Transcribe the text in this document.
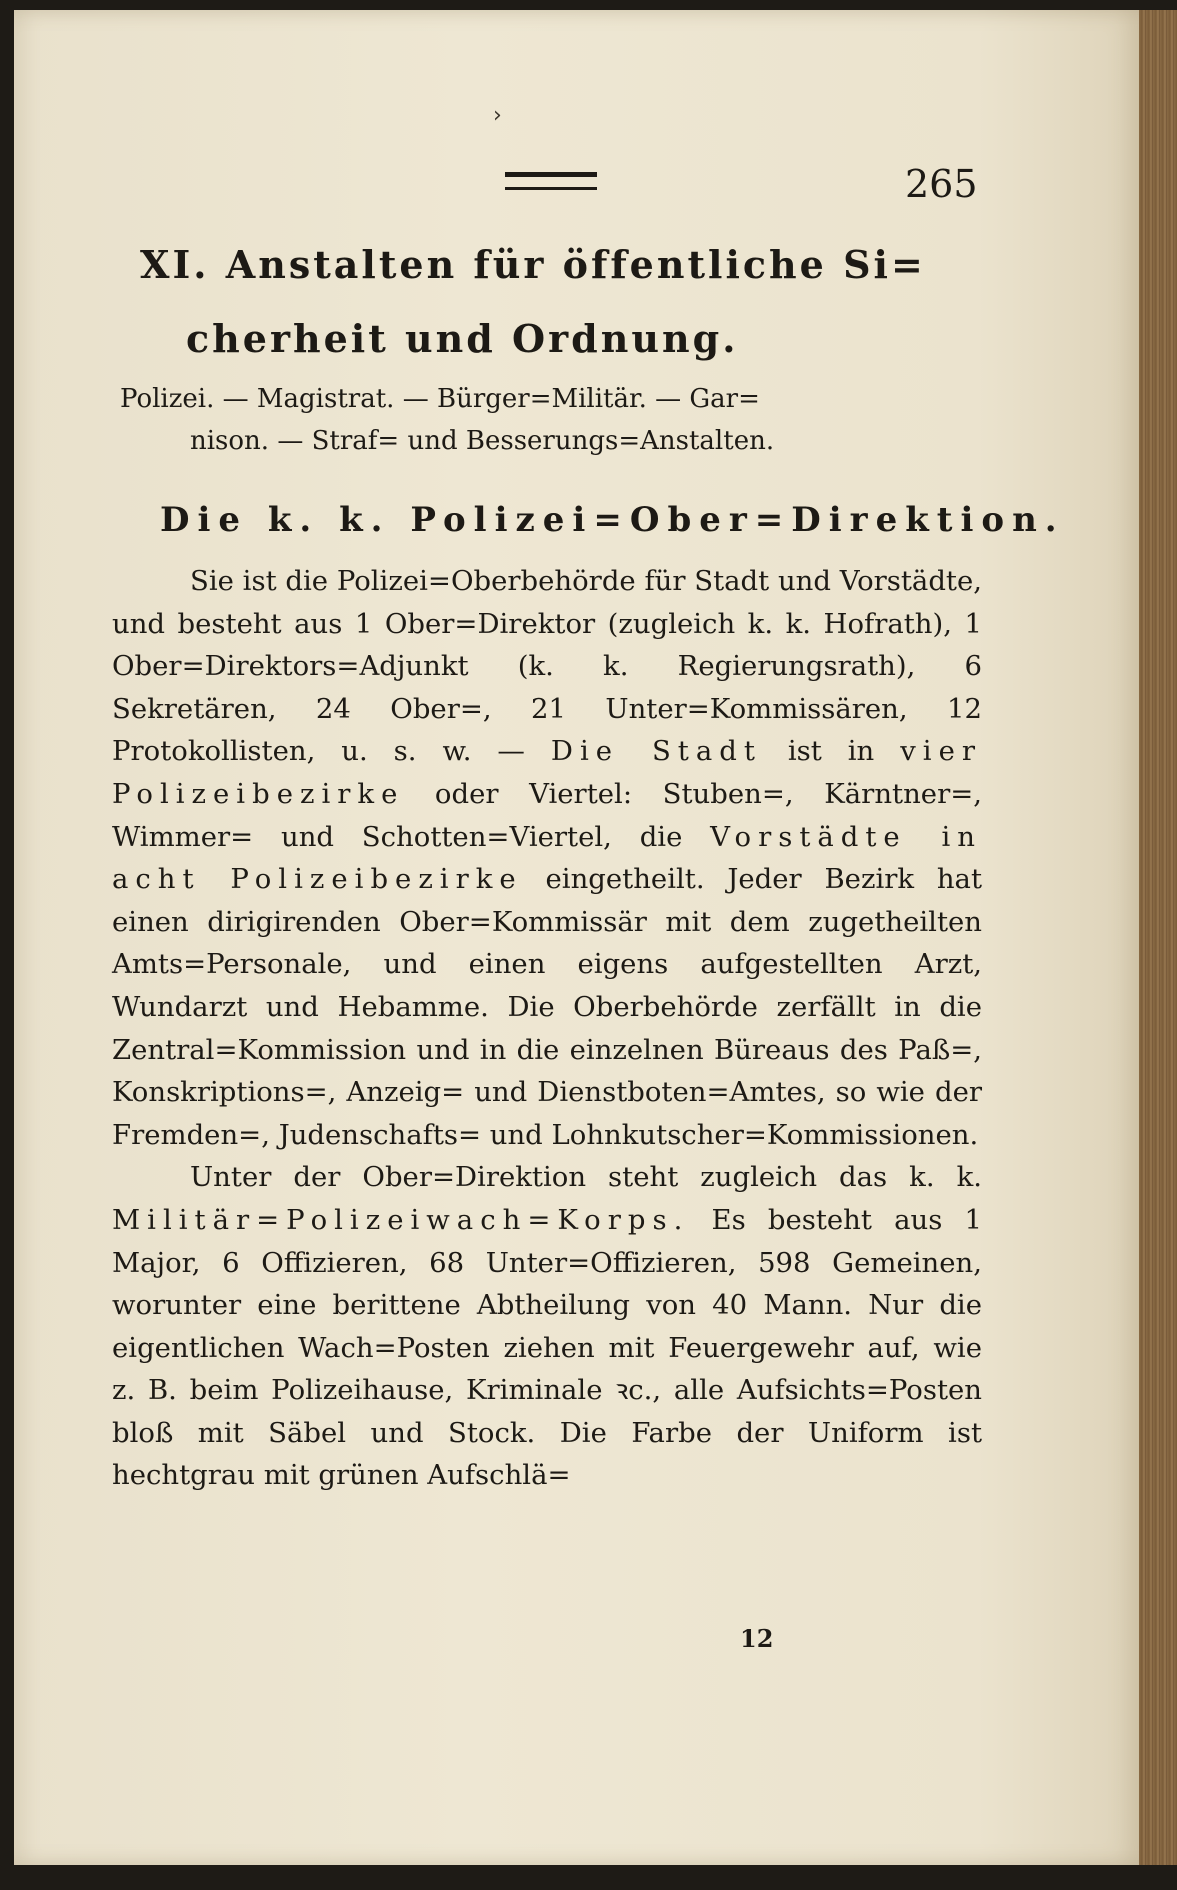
›
265
XI. Anstalten für öffentliche Si=
cherheit und Ordnung.
Polizei. — Magistrat. — Bürger=Militär. — Gar=
nison. — Straf= und Besserungs=Anstalten.
Die k. k. Polizei=Ober=Direktion.

Sie ist die Polizei=Oberbehörde für Stadt und Vorstädte, und besteht aus 1 Ober=Direktor (zugleich k. k. Hofrath), 1 Ober=Direktors=Adjunkt (k. k. Regierungsrath), 6 Sekretären, 24 Ober=, 21 Unter=Kommissären, 12 Protokollisten, u. s. w. — Die Stadt ist in vier Polizeibezirke oder Viertel: Stuben=, Kärntner=, Wimmer= und Schotten=Viertel, die Vorstädte in acht Polizeibezirke eingetheilt. Jeder Bezirk hat einen dirigirenden Ober=Kommissär mit dem zugetheilten Amts=Personale, und einen eigens aufgestellten Arzt, Wundarzt und Hebamme. Die Oberbehörde zerfällt in die Zentral=Kommission und in die einzelnen Büreaus des Paß=, Konskriptions=, Anzeig= und Dienstboten=Amtes, so wie der Fremden=, Judenschafts= und Lohnkutscher=Kommissionen.

Unter der Ober=Direktion steht zugleich das k. k. Militär=Polizeiwach=Korps. Es besteht aus 1 Major, 6 Offizieren, 68 Unter=Offizieren, 598 Gemeinen, worunter eine berittene Abtheilung von 40 Mann. Nur die eigentlichen Wach=Posten ziehen mit Feuergewehr auf, wie z. B. beim Polizeihause, Kriminale ꝛc., alle Aufsichts=Posten bloß mit Säbel und Stock. Die Farbe der Uniform ist hechtgrau mit grünen Aufschlä=

12
